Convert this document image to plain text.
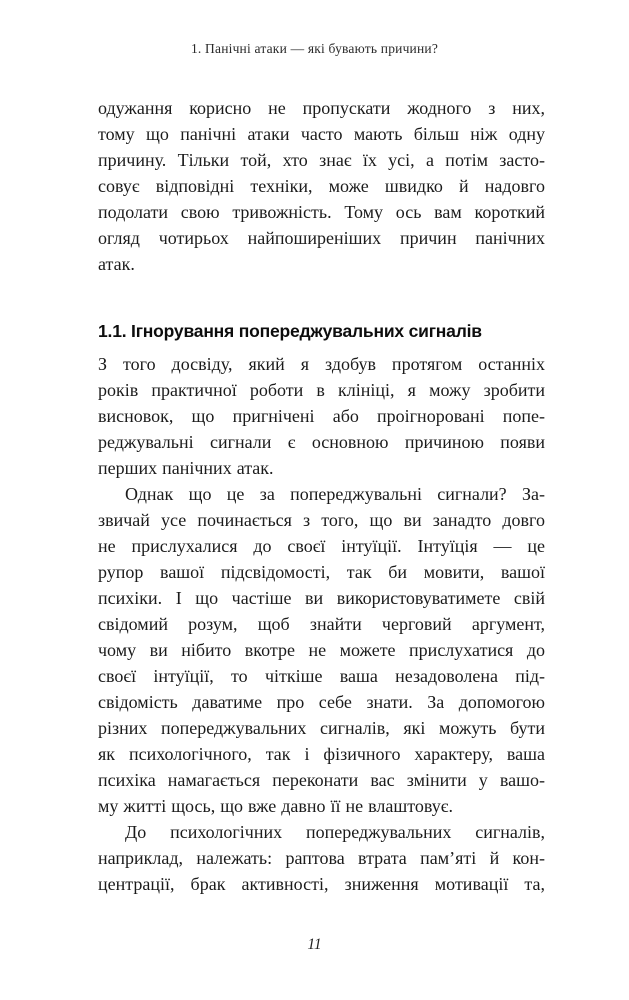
1. Панічні атаки — які бувають причини?
одужання корисно не пропускати жодного з них,
тому що панічні атаки часто мають більш ніж одну
причину. Тільки той, хто знає їх усі, а потім засто-
совує відповідні техніки, може швидко й надовго
подолати свою тривожність. Тому ось вам короткий
огляд чотирьох найпоширеніших причин панічних
атак.
1.1. Ігнорування попереджувальних сигналів
З того досвіду, який я здобув протягом останніх
років практичної роботи в клініці, я можу зробити
висновок, що пригнічені або проігноровані попе-
реджувальні сигнали є основною причиною появи
перших панічних атак.
Однак що це за попереджувальні сигнали? За-
звичай усе починається з того, що ви занадто довго
не прислухалися до своєї інтуїції. Інтуїція — це
рупор вашої підсвідомості, так би мовити, вашої
психіки. І що частіше ви використовуватимете свій
свідомий розум, щоб знайти черговий аргумент,
чому ви нібито вкотре не можете прислухатися до
своєї інтуїції, то чіткіше ваша незадоволена під-
свідомість даватиме про себе знати. За допомогою
різних попереджувальних сигналів, які можуть бути
як психологічного, так і фізичного характеру, ваша
психіка намагається переконати вас змінити у вашо-
му житті щось, що вже давно її не влаштовує.
До психологічних попереджувальних сигналів,
наприклад, належать: раптова втрата пам’яті й кон-
центрації, брак активності, зниження мотивації та,
11
